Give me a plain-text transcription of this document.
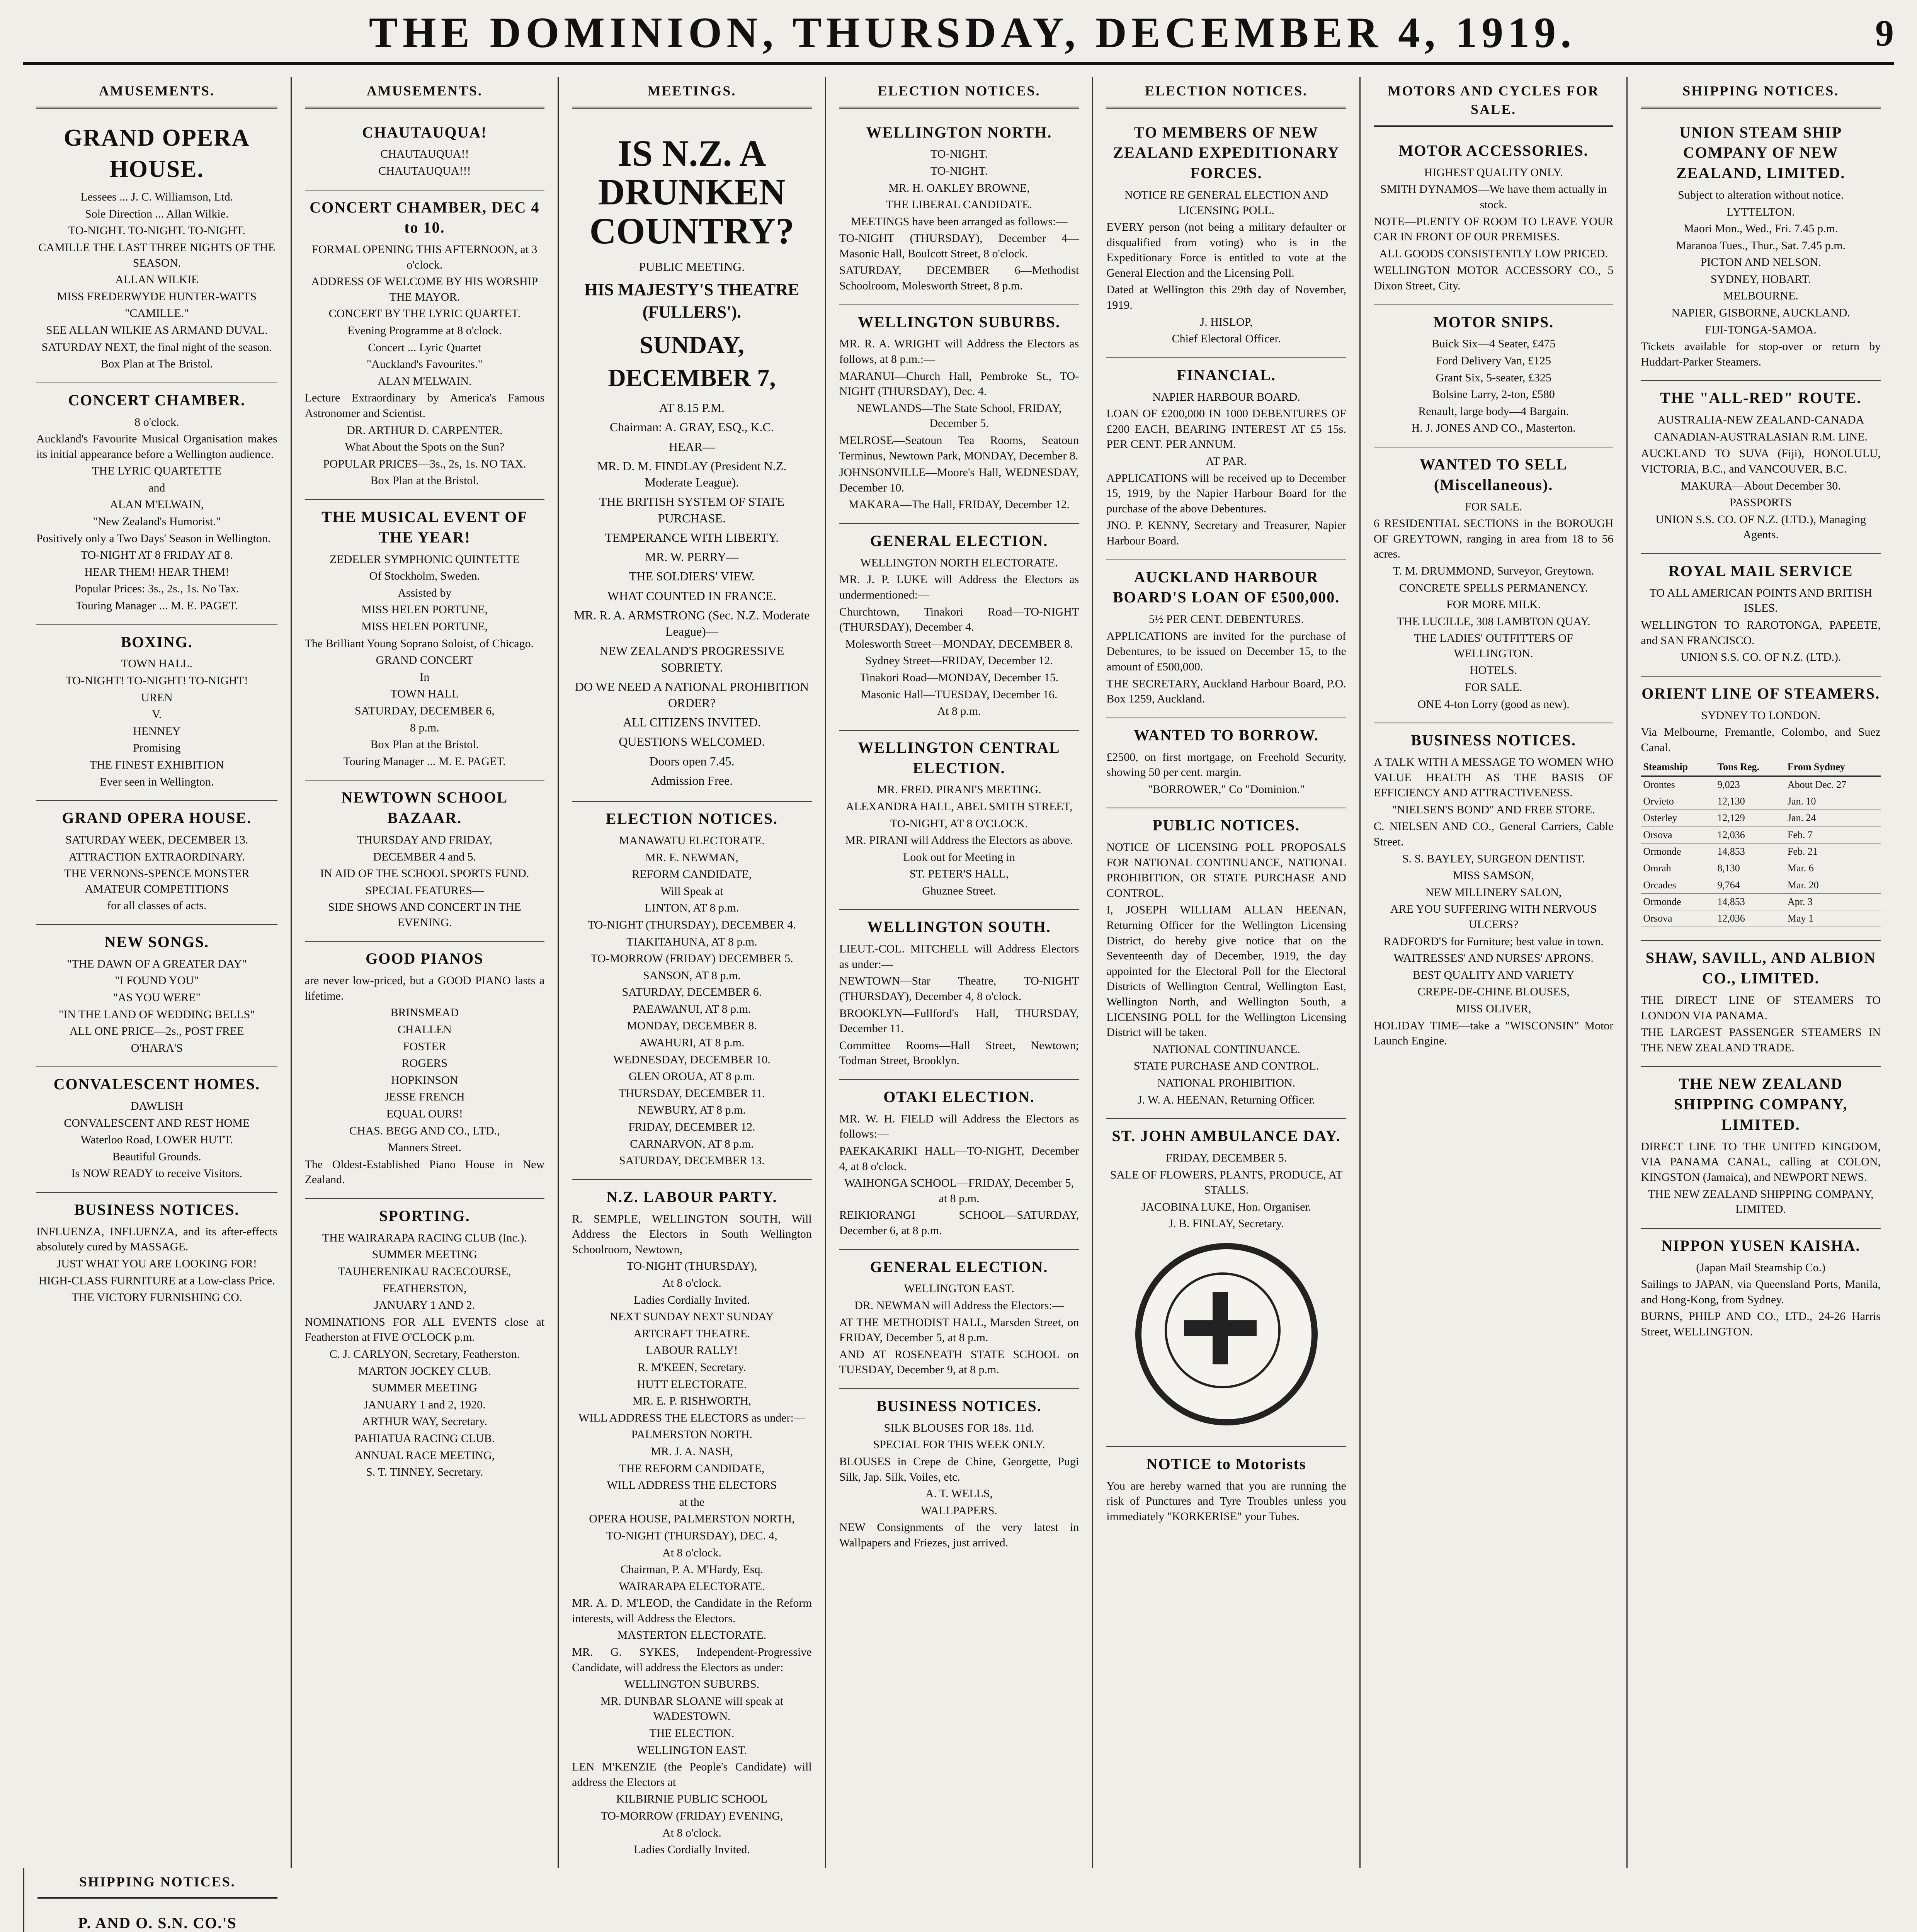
THE DOMINION, THURSDAY, DECEMBER 4, 1919.	9
AMUSEMENTS.
GRAND OPERA HOUSE.
Lessees ... J. C. Williamson, Ltd.
Sole Direction ... Allan Wilkie.
TO-NIGHT. TO-NIGHT. TO-NIGHT.
CAMILLE THE LAST THREE NIGHTS OF THE SEASON.
ALLAN WILKIE
MISS FREDERWYDE HUNTER-WATTS
"CAMILLE."
SEE ALLAN WILKIE AS ARMAND DUVAL.
SATURDAY NEXT, the final night of the season.
Box Plan at The Bristol.
CONCERT CHAMBER.
8 o'clock.
Auckland's Favourite Musical Organisation makes its initial appearance before a Wellington audience.
THE LYRIC QUARTETTE
and
ALAN M'ELWAIN,
"New Zealand's Humorist."
Positively only a Two Days' Season in Wellington.
TO-NIGHT AT 8 FRIDAY AT 8.
HEAR THEM! HEAR THEM!
Popular Prices: 3s., 2s., 1s. No Tax.
Touring Manager ... M. E. PAGET.
BOXING.
TOWN HALL.
TO-NIGHT! TO-NIGHT! TO-NIGHT!
UREN
V.
HENNEY
Promising
THE FINEST EXHIBITION
Ever seen in Wellington.
GRAND OPERA HOUSE.
SATURDAY WEEK, DECEMBER 13.
ATTRACTION EXTRAORDINARY.
THE VERNONS-SPENCE MONSTER AMATEUR COMPETITIONS
for all classes of acts.
NEW SONGS.
"THE DAWN OF A GREATER DAY"
"I FOUND YOU"
"AS YOU WERE"
"IN THE LAND OF WEDDING BELLS"
ALL ONE PRICE—2s., POST FREE
O'HARA'S
CONVALESCENT HOMES.
DAWLISH
CONVALESCENT AND REST HOME
Waterloo Road, LOWER HUTT.
Beautiful Grounds.
Is NOW READY to receive Visitors.
BUSINESS NOTICES.
INFLUENZA, INFLUENZA, and its after-effects absolutely cured by MASSAGE.
JUST WHAT YOU ARE LOOKING FOR!
HIGH-CLASS FURNITURE at a Low-class Price.
THE VICTORY FURNISHING CO.
AMUSEMENTS.
CHAUTAUQUA!
CHAUTAUQUA!!
CHAUTAUQUA!!!
CONCERT CHAMBER, DEC 4 to 10.
FORMAL OPENING THIS AFTERNOON, at 3 o'clock.
ADDRESS OF WELCOME BY HIS WORSHIP THE MAYOR.
CONCERT BY THE LYRIC QUARTET.
Evening Programme at 8 o'clock.
Concert ... Lyric Quartet
"Auckland's Favourites."
ALAN M'ELWAIN.
Lecture Extraordinary by America's Famous Astronomer and Scientist.
DR. ARTHUR D. CARPENTER.
What About the Spots on the Sun?
POPULAR PRICES—3s., 2s, 1s. NO TAX.
Box Plan at the Bristol.
THE MUSICAL EVENT OF THE YEAR!
ZEDELER SYMPHONIC QUINTETTE
Of Stockholm, Sweden.
Assisted by
MISS HELEN PORTUNE,
MISS HELEN PORTUNE,
The Brilliant Young Soprano Soloist, of Chicago.
GRAND CONCERT
In
TOWN HALL
SATURDAY, DECEMBER 6,
8 p.m.
Box Plan at the Bristol.
Touring Manager ... M. E. PAGET.
NEWTOWN SCHOOL BAZAAR.
THURSDAY AND FRIDAY,
DECEMBER 4 and 5.
IN AID OF THE SCHOOL SPORTS FUND.
SPECIAL FEATURES—
SIDE SHOWS AND CONCERT IN THE EVENING.
GOOD PIANOS
are never low-priced, but a GOOD PIANO lasts a lifetime.
BRINSMEAD
CHALLEN
FOSTER
ROGERS
HOPKINSON
JESSE FRENCH
EQUAL OURS!
CHAS. BEGG AND CO., LTD.,
Manners Street.
The Oldest-Established Piano House in New Zealand.
SPORTING.
THE WAIRARAPA RACING CLUB (Inc.).
SUMMER MEETING
TAUHERENIKAU RACECOURSE,
FEATHERSTON,
JANUARY 1 AND 2.
NOMINATIONS FOR ALL EVENTS close at Featherston at FIVE O'CLOCK p.m.
C. J. CARLYON, Secretary, Featherston.
MARTON JOCKEY CLUB.
SUMMER MEETING
JANUARY 1 and 2, 1920.
ARTHUR WAY, Secretary.
PAHIATUA RACING CLUB.
ANNUAL RACE MEETING,
S. T. TINNEY, Secretary.
MEETINGS.
IS N.Z. A DRUNKEN COUNTRY?
PUBLIC MEETING.
HIS MAJESTY'S THEATRE (FULLERS').
SUNDAY, DECEMBER 7,
AT 8.15 P.M.
Chairman: A. GRAY, ESQ., K.C.
HEAR—
MR. D. M. FINDLAY (President N.Z. Moderate League).
THE BRITISH SYSTEM OF STATE PURCHASE.
TEMPERANCE WITH LIBERTY.
MR. W. PERRY—
THE SOLDIERS' VIEW.
WHAT COUNTED IN FRANCE.
MR. R. A. ARMSTRONG (Sec. N.Z. Moderate League)—
NEW ZEALAND'S PROGRESSIVE SOBRIETY.
DO WE NEED A NATIONAL PROHIBITION ORDER?
ALL CITIZENS INVITED.
QUESTIONS WELCOMED.
Doors open 7.45.
Admission Free.
ELECTION NOTICES.
MANAWATU ELECTORATE.
MR. E. NEWMAN,
REFORM CANDIDATE,
Will Speak at
LINTON, AT 8 p.m.
TO-NIGHT (THURSDAY), DECEMBER 4.
TIAKITAHUNA, AT 8 p.m.
TO-MORROW (FRIDAY) DECEMBER 5.
SANSON, AT 8 p.m.
SATURDAY, DECEMBER 6.
PAEAWANUI, AT 8 p.m.
MONDAY, DECEMBER 8.
AWAHURI, AT 8 p.m.
WEDNESDAY, DECEMBER 10.
GLEN OROUA, AT 8 p.m.
THURSDAY, DECEMBER 11.
NEWBURY, AT 8 p.m.
FRIDAY, DECEMBER 12.
CARNARVON, AT 8 p.m.
SATURDAY, DECEMBER 13.
N.Z. LABOUR PARTY.
R. SEMPLE, WELLINGTON SOUTH, Will Address the Electors in South Wellington Schoolroom, Newtown,
TO-NIGHT (THURSDAY),
At 8 o'clock.
Ladies Cordially Invited.
NEXT SUNDAY NEXT SUNDAY
ARTCRAFT THEATRE.
LABOUR RALLY!
R. M'KEEN, Secretary.
HUTT ELECTORATE.
MR. E. P. RISHWORTH,
WILL ADDRESS THE ELECTORS as under:—
PALMERSTON NORTH.
MR. J. A. NASH,
THE REFORM CANDIDATE,
WILL ADDRESS THE ELECTORS
at the
OPERA HOUSE, PALMERSTON NORTH,
TO-NIGHT (THURSDAY), DEC. 4,
At 8 o'clock.
Chairman, P. A. M'Hardy, Esq.
WAIRARAPA ELECTORATE.
MR. A. D. M'LEOD, the Candidate in the Reform interests, will Address the Electors.
MASTERTON ELECTORATE.
MR. G. SYKES, Independent-Progressive Candidate, will address the Electors as under:
WELLINGTON SUBURBS.
MR. DUNBAR SLOANE will speak at WADESTOWN.
THE ELECTION.
WELLINGTON EAST.
LEN M'KENZIE (the People's Candidate) will address the Electors at
KILBIRNIE PUBLIC SCHOOL
TO-MORROW (FRIDAY) EVENING,
At 8 o'clock.
Ladies Cordially Invited.
ELECTION NOTICES.
WELLINGTON NORTH.
TO-NIGHT.
TO-NIGHT.
MR. H. OAKLEY BROWNE,
THE LIBERAL CANDIDATE.
MEETINGS have been arranged as follows:—
TO-NIGHT (THURSDAY), December 4—Masonic Hall, Boulcott Street, 8 o'clock.
SATURDAY, DECEMBER 6—Methodist Schoolroom, Molesworth Street, 8 p.m.
WELLINGTON SUBURBS.
MR. R. A. WRIGHT will Address the Electors as follows, at 8 p.m.:—
MARANUI—Church Hall, Pembroke St., TO-NIGHT (THURSDAY), Dec. 4.
NEWLANDS—The State School, FRIDAY, December 5.
MELROSE—Seatoun Tea Rooms, Seatoun Terminus, Newtown Park, MONDAY, December 8.
JOHNSONVILLE—Moore's Hall, WEDNESDAY, December 10.
MAKARA—The Hall, FRIDAY, December 12.
GENERAL ELECTION.
WELLINGTON NORTH ELECTORATE.
MR. J. P. LUKE will Address the Electors as undermentioned:—
Churchtown, Tinakori Road—TO-NIGHT (THURSDAY), December 4.
Molesworth Street—MONDAY, DECEMBER 8.
Sydney Street—FRIDAY, December 12.
Tinakori Road—MONDAY, December 15.
Masonic Hall—TUESDAY, December 16.
At 8 p.m.
WELLINGTON CENTRAL ELECTION.
MR. FRED. PIRANI'S MEETING.
ALEXANDRA HALL, ABEL SMITH STREET,
TO-NIGHT, AT 8 O'CLOCK.
MR. PIRANI will Address the Electors as above.
Look out for Meeting in
ST. PETER'S HALL,
Ghuznee Street.
WELLINGTON SOUTH.
LIEUT.-COL. MITCHELL will Address Electors as under:—
NEWTOWN—Star Theatre, TO-NIGHT (THURSDAY), December 4, 8 o'clock.
BROOKLYN—Fullford's Hall, THURSDAY, December 11.
Committee Rooms—Hall Street, Newtown; Todman Street, Brooklyn.
OTAKI ELECTION.
MR. W. H. FIELD will Address the Electors as follows:—
PAEKAKARIKI HALL—TO-NIGHT, December 4, at 8 o'clock.
WAIHONGA SCHOOL—FRIDAY, December 5, at 8 p.m.
REIKIORANGI SCHOOL—SATURDAY, December 6, at 8 p.m.
GENERAL ELECTION.
WELLINGTON EAST.
DR. NEWMAN will Address the Electors:—
AT THE METHODIST HALL, Marsden Street, on FRIDAY, December 5, at 8 p.m.
AND AT ROSENEATH STATE SCHOOL on TUESDAY, December 9, at 8 p.m.
BUSINESS NOTICES.
SILK BLOUSES FOR 18s. 11d.
SPECIAL FOR THIS WEEK ONLY.
BLOUSES in Crepe de Chine, Georgette, Pugi Silk, Jap. Silk, Voiles, etc.
A. T. WELLS,
WALLPAPERS.
NEW Consignments of the very latest in Wallpapers and Friezes, just arrived.
ELECTION NOTICES.
TO MEMBERS OF NEW ZEALAND EXPEDITIONARY FORCES.
NOTICE RE GENERAL ELECTION AND LICENSING POLL.
EVERY person (not being a military defaulter or disqualified from voting) who is in the Expeditionary Force is entitled to vote at the General Election and the Licensing Poll.
Dated at Wellington this 29th day of November, 1919.
J. HISLOP,
Chief Electoral Officer.
FINANCIAL.
NAPIER HARBOUR BOARD.
LOAN OF £200,000 IN 1000 DEBENTURES OF £200 EACH, BEARING INTEREST AT £5 15s. PER CENT. PER ANNUM.
AT PAR.
APPLICATIONS will be received up to December 15, 1919, by the Napier Harbour Board for the purchase of the above Debentures.
JNO. P. KENNY, Secretary and Treasurer, Napier Harbour Board.
AUCKLAND HARBOUR BOARD'S LOAN OF £500,000.
5½ PER CENT. DEBENTURES.
APPLICATIONS are invited for the purchase of Debentures, to be issued on December 15, to the amount of £500,000.
THE SECRETARY, Auckland Harbour Board, P.O. Box 1259, Auckland.
WANTED TO BORROW.
£2500, on first mortgage, on Freehold Security, showing 50 per cent. margin.
"BORROWER," Co "Dominion."
PUBLIC NOTICES.
NOTICE OF LICENSING POLL PROPOSALS FOR NATIONAL CONTINUANCE, NATIONAL PROHIBITION, OR STATE PURCHASE AND CONTROL.
I, JOSEPH WILLIAM ALLAN HEENAN, Returning Officer for the Wellington Licensing District, do hereby give notice that on the Seventeenth day of December, 1919, the day appointed for the Electoral Poll for the Electoral Districts of Wellington Central, Wellington East, Wellington North, and Wellington South, a LICENSING POLL for the Wellington Licensing District will be taken.
NATIONAL CONTINUANCE.
STATE PURCHASE AND CONTROL.
NATIONAL PROHIBITION.
J. W. A. HEENAN, Returning Officer.
ST. JOHN AMBULANCE DAY.
FRIDAY, DECEMBER 5.
SALE OF FLOWERS, PLANTS, PRODUCE, AT STALLS.
JACOBINA LUKE, Hon. Organiser.
J. B. FINLAY, Secretary.
NOTICE to Motorists
You are hereby warned that you are running the risk of Punctures and Tyre Troubles unless you immediately "KORKERISE" your Tubes.
MOTORS AND CYCLES FOR SALE.
MOTOR ACCESSORIES.
HIGHEST QUALITY ONLY.
SMITH DYNAMOS—We have them actually in stock.
NOTE—PLENTY OF ROOM TO LEAVE YOUR CAR IN FRONT OF OUR PREMISES.
ALL GOODS CONSISTENTLY LOW PRICED.
WELLINGTON MOTOR ACCESSORY CO., 5 Dixon Street, City.
MOTOR SNIPS.
Buick Six—4 Seater, £475
Ford Delivery Van, £125
Grant Six, 5-seater, £325
Bolsine Larry, 2-ton, £580
Renault, large body—4 Bargain.
H. J. JONES AND CO., Masterton.
WANTED TO SELL (Miscellaneous).
FOR SALE.
6 RESIDENTIAL SECTIONS in the BOROUGH OF GREYTOWN, ranging in area from 18 to 56 acres.
T. M. DRUMMOND, Surveyor, Greytown.
CONCRETE SPELLS PERMANENCY.
FOR MORE MILK.
THE LUCILLE, 308 LAMBTON QUAY.
THE LADIES' OUTFITTERS OF WELLINGTON.
HOTELS.
FOR SALE.
ONE 4-ton Lorry (good as new).
BUSINESS NOTICES.
A TALK WITH A MESSAGE TO WOMEN WHO VALUE HEALTH AS THE BASIS OF EFFICIENCY AND ATTRACTIVENESS.
"NIELSEN'S BOND" AND FREE STORE.
C. NIELSEN AND CO., General Carriers, Cable Street.
S. S. BAYLEY, SURGEON DENTIST.
MISS SAMSON,
NEW MILLINERY SALON,
ARE YOU SUFFERING WITH NERVOUS ULCERS?
RADFORD'S for Furniture; best value in town.
WAITRESSES' AND NURSES' APRONS.
BEST QUALITY AND VARIETY
CREPE-DE-CHINE BLOUSES,
MISS OLIVER,
HOLIDAY TIME—take a "WISCONSIN" Motor Launch Engine.
SHIPPING NOTICES.
UNION STEAM SHIP COMPANY OF NEW ZEALAND, LIMITED.
Subject to alteration without notice.
LYTTELTON.
Maori Mon., Wed., Fri. 7.45 p.m.
Maranoa Tues., Thur., Sat. 7.45 p.m.
PICTON AND NELSON.
SYDNEY, HOBART.
MELBOURNE.
NAPIER, GISBORNE, AUCKLAND.
FIJI-TONGA-SAMOA.
Tickets available for stop-over or return by Huddart-Parker Steamers.
THE "ALL-RED" ROUTE.
AUSTRALIA-NEW ZEALAND-CANADA
CANADIAN-AUSTRALASIAN R.M. LINE.
AUCKLAND TO SUVA (Fiji), HONOLULU, VICTORIA, B.C., and VANCOUVER, B.C.
MAKURA—About December 30.
PASSPORTS
UNION S.S. CO. OF N.Z. (LTD.), Managing Agents.
ROYAL MAIL SERVICE
TO ALL AMERICAN POINTS AND BRITISH ISLES.
WELLINGTON TO RAROTONGA, PAPEETE, and SAN FRANCISCO.
UNION S.S. CO. OF N.Z. (LTD.).
ORIENT LINE OF STEAMERS.
SYDNEY TO LONDON.
Via Melbourne, Fremantle, Colombo, and Suez Canal.
Steamship	Tons Reg.	From Sydney
Orontes	9,023	About Dec. 27
Orvieto	12,130	Jan. 10
Osterley	12,129	Jan. 24
Orsova	12,036	Feb. 7
Ormonde	14,853	Feb. 21
Omrah	8,130	Mar. 6
Orcades	9,764	Mar. 20
Ormonde	14,853	Apr. 3
Orsova	12,036	May 1
SHAW, SAVILL, AND ALBION CO., LIMITED.
THE DIRECT LINE OF STEAMERS TO LONDON VIA PANAMA.
THE LARGEST PASSENGER STEAMERS IN THE NEW ZEALAND TRADE.
THE NEW ZEALAND SHIPPING COMPANY, LIMITED.
DIRECT LINE TO THE UNITED KINGDOM, VIA PANAMA CANAL, calling at COLON, KINGSTON (Jamaica), and NEWPORT NEWS.
THE NEW ZEALAND SHIPPING COMPANY, LIMITED.
NIPPON YUSEN KAISHA.
(Japan Mail Steamship Co.)
Sailings to JAPAN, via Queensland Ports, Manila, and Hong-Kong, from Sydney.
BURNS, PHILP AND CO., LTD., 24-26 Harris Street, WELLINGTON.
SHIPPING NOTICES.
P. AND O. S.N. CO.'S
